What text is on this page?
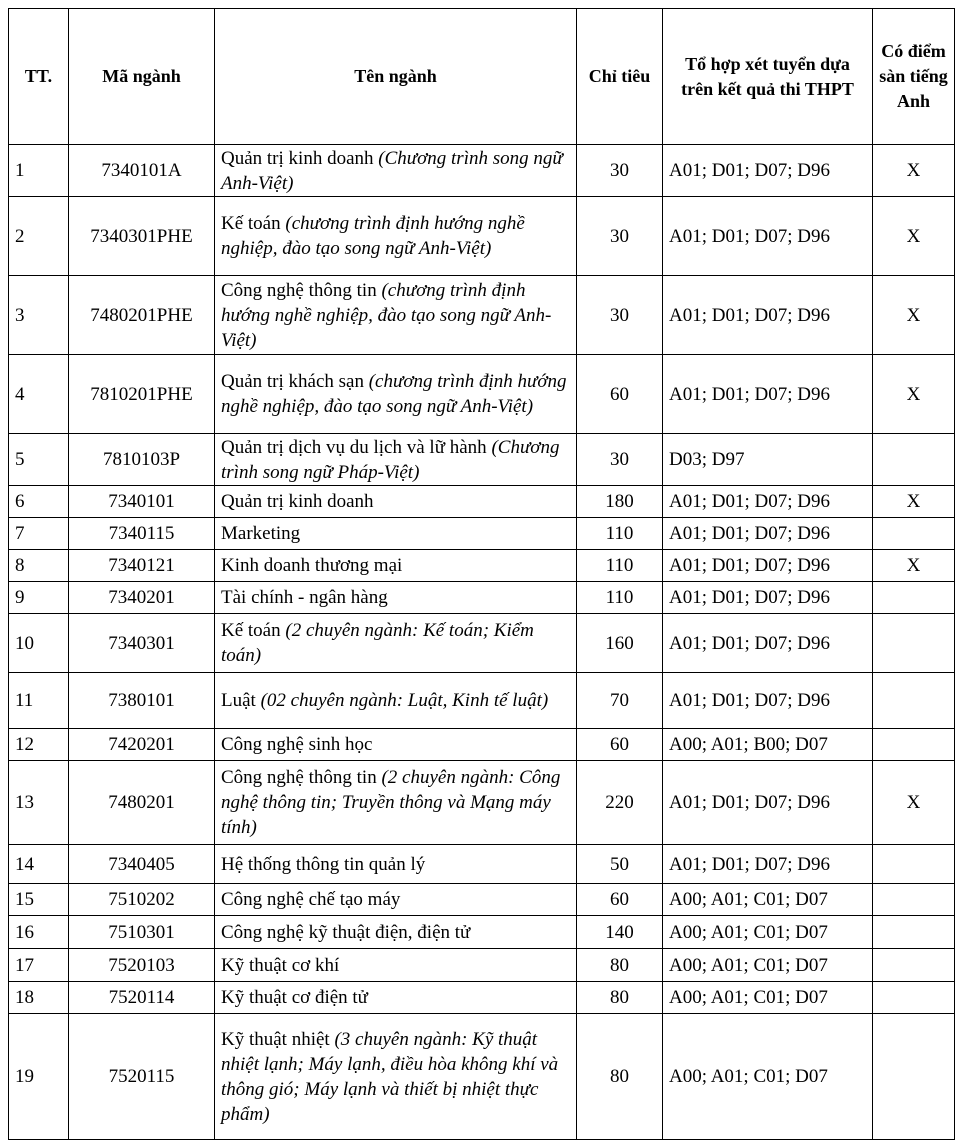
TT.	Mã ngành	Tên ngành	Chỉ tiêu	Tổ hợp xét tuyển dựa trên kết quả thi THPT	Có điểm sàn tiếng Anh
1	7340101A	Quản trị kinh doanh (Chương trình song ngữ Anh-Việt)	30	A01; D01; D07; D96	X
2	7340301PHE	Kế toán (chương trình định hướng nghề nghiệp, đào tạo song ngữ Anh-Việt)	30	A01; D01; D07; D96	X
3	7480201PHE	Công nghệ thông tin (chương trình định hướng nghề nghiệp, đào tạo song ngữ Anh-Việt)	30	A01; D01; D07; D96	X
4	7810201PHE	Quản trị khách sạn (chương trình định hướng nghề nghiệp, đào tạo song ngữ Anh-Việt)	60	A01; D01; D07; D96	X
5	7810103P	Quản trị dịch vụ du lịch và lữ hành (Chương trình song ngữ Pháp-Việt)	30	D03; D97	
6	7340101	Quản trị kinh doanh	180	A01; D01; D07; D96	X
7	7340115	Marketing	110	A01; D01; D07; D96	
8	7340121	Kinh doanh thương mại	110	A01; D01; D07; D96	X
9	7340201	Tài chính - ngân hàng	110	A01; D01; D07; D96	
10	7340301	Kế toán (2 chuyên ngành: Kế toán; Kiểm toán)	160	A01; D01; D07; D96	
11	7380101	Luật (02 chuyên ngành: Luật, Kinh tế luật)	70	A01; D01; D07; D96	
12	7420201	Công nghệ sinh học	60	A00; A01; B00; D07	
13	7480201	Công nghệ thông tin (2 chuyên ngành: Công nghệ thông tin; Truyền thông và Mạng máy tính)	220	A01; D01; D07; D96	X
14	7340405	Hệ thống thông tin quản lý	50	A01; D01; D07; D96	
15	7510202	Công nghệ chế tạo máy	60	A00; A01; C01; D07	
16	7510301	Công nghệ kỹ thuật điện, điện tử	140	A00; A01; C01; D07	
17	7520103	Kỹ thuật cơ khí	80	A00; A01; C01; D07	
18	7520114	Kỹ thuật cơ điện tử	80	A00; A01; C01; D07	
19	7520115	Kỹ thuật nhiệt (3 chuyên ngành: Kỹ thuật nhiệt lạnh; Máy lạnh, điều hòa không khí và thông gió; Máy lạnh và thiết bị nhiệt thực phẩm)	80	A00; A01; C01; D07	
